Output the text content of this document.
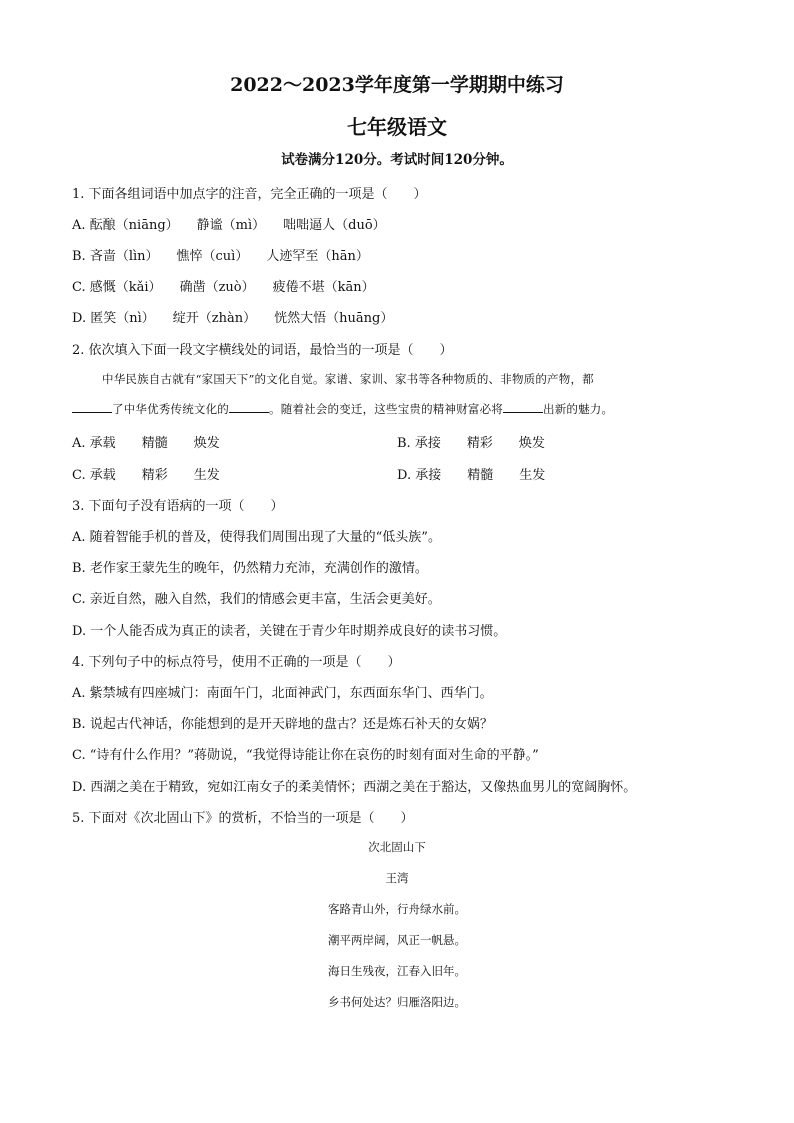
2022～2023学年度第一学期期中练习
七年级语文
试卷满分120分。考试时间120分钟。
1. 下面各组词语中加点字的注音，完全正确的一项是（　　）
A. 酝酿（niāng） 静谧（mì） 咄咄逼人（duō）
B. 吝啬（lìn） 憔悴（cuì） 人迹罕至（hān）
C. 感慨（kǎi） 确凿（zuò） 疲倦不堪（kān）
D. 匿笑（nì） 绽开（zhàn） 恍然大悟（huāng）
2. 依次填入下面一段文字横线处的词语，最恰当的一项是（　　）
中华民族自古就有“家国天下”的文化自觉。家谱、家训、家书等各种物质的、非物质的产物，都
了中华优秀传统文化的	。随着社会的变迁，这些宝贵的精神财富必将	出新的魅力。
A. 承载 精髓 焕发	B. 承接 精彩 焕发
C. 承载 精彩 生发	D. 承接 精髓 生发
3. 下面句子没有语病的一项（　　）
A. 随着智能手机的普及，使得我们周围出现了大量的“低头族”。
B. 老作家王蒙先生的晚年，仍然精力充沛，充满创作的激情。
C. 亲近自然，融入自然，我们的情感会更丰富，生活会更美好。
D. 一个人能否成为真正的读者，关键在于青少年时期养成良好的读书习惯。
4. 下列句子中的标点符号，使用不正确的一项是（　　）
A. 紫禁城有四座城门：南面午门，北面神武门，东西面东华门、西华门。
B. 说起古代神话，你能想到的是开天辟地的盘古？还是炼石补天的女娲？
C. “诗有什么作用？”蒋勋说，“我觉得诗能让你在哀伤的时刻有面对生命的平静。”
D. 西湖之美在于精致，宛如江南女子的柔美情怀；西湖之美在于豁达，又像热血男儿的宽阔胸怀。
5. 下面对《次北固山下》的赏析，不恰当的一项是（　　）
次北固山下
王湾
客路青山外，行舟绿水前。
潮平两岸阔，风正一帆悬。
海日生残夜，江春入旧年。
乡书何处达？归雁洛阳边。
